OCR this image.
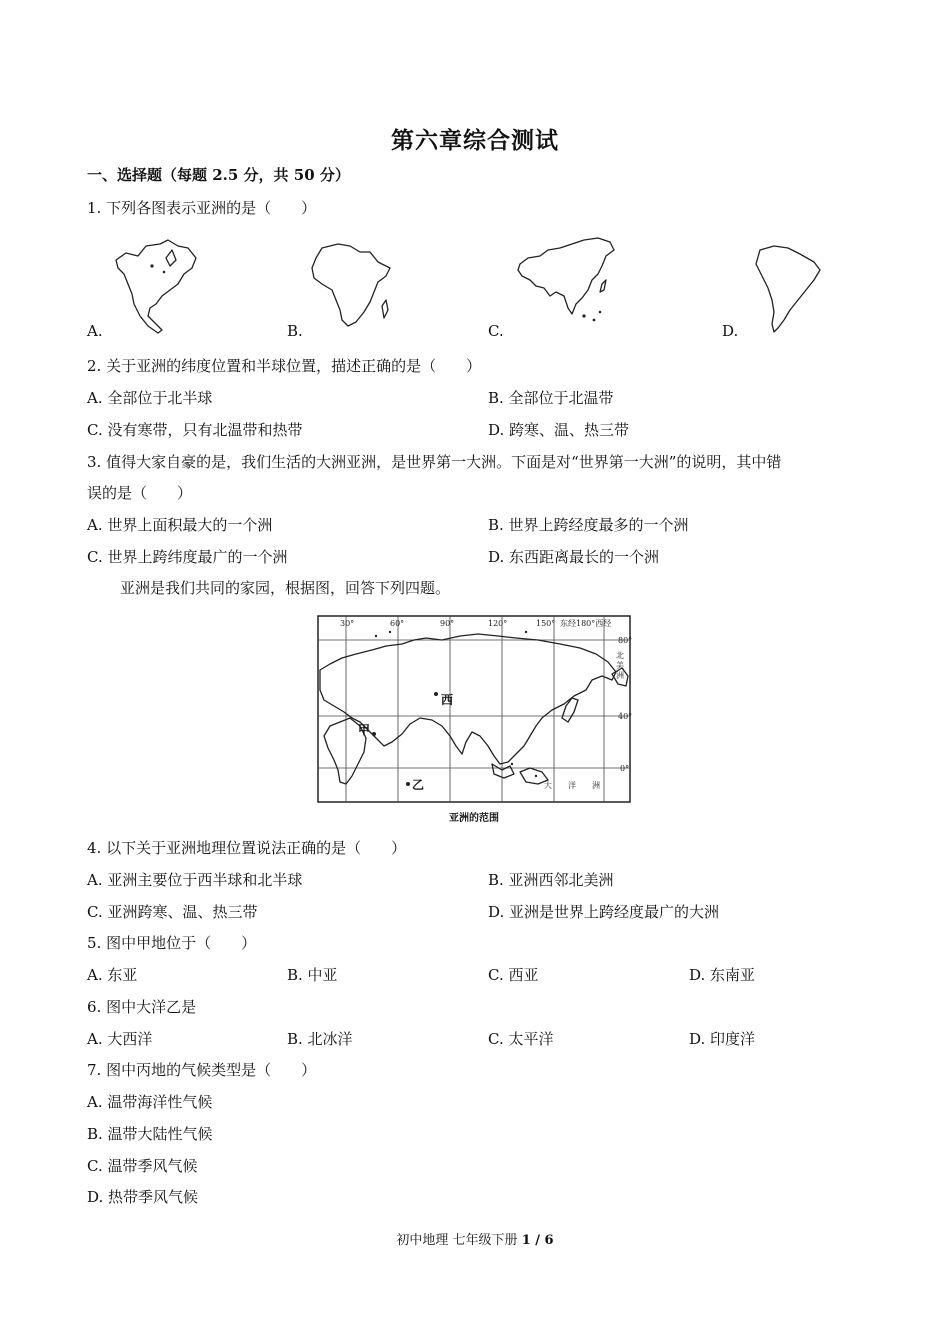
第六章综合测试
一、选择题（每题 2.5 分，共 50 分）
1. 下列各图表示亚洲的是（　　）
A.	B.	C.	D.
2. 关于亚洲的纬度位置和半球位置，描述正确的是（　　）
A. 全部位于北半球	B. 全部位于北温带
C. 没有寒带，只有北温带和热带	D. 跨寒、温、热三带
3. 值得大家自豪的是，我们生活的大洲亚洲，是世界第一大洲。下面是对“世界第一大洲”的说明，其中错
误的是（　　）
A. 世界上面积最大的一个洲	B. 世界上跨经度最多的一个洲
C. 世界上跨纬度最广的一个洲	D. 东西距离最长的一个洲
亚洲是我们共同的家园，根据图，回答下列四题。
30°	60°	90°	120°	150° 东经180°西经
80°
40°
0°
北
美
洲
大 洋 洲
西
甲
乙
亚洲的范围
4. 以下关于亚洲地理位置说法正确的是（　　）
A. 亚洲主要位于西半球和北半球	B. 亚洲西邻北美洲
C. 亚洲跨寒、温、热三带	D. 亚洲是世界上跨经度最广的大洲
5. 图中甲地位于（　　）
A. 东亚	B. 中亚	C. 西亚	D. 东南亚
6. 图中大洋乙是
A. 大西洋	B. 北冰洋	C. 太平洋	D. 印度洋
7. 图中丙地的气候类型是（　　）
A. 温带海洋性气候
B. 温带大陆性气候
C. 温带季风气候
D. 热带季风气候
初中地理 七年级下册 1 / 6
